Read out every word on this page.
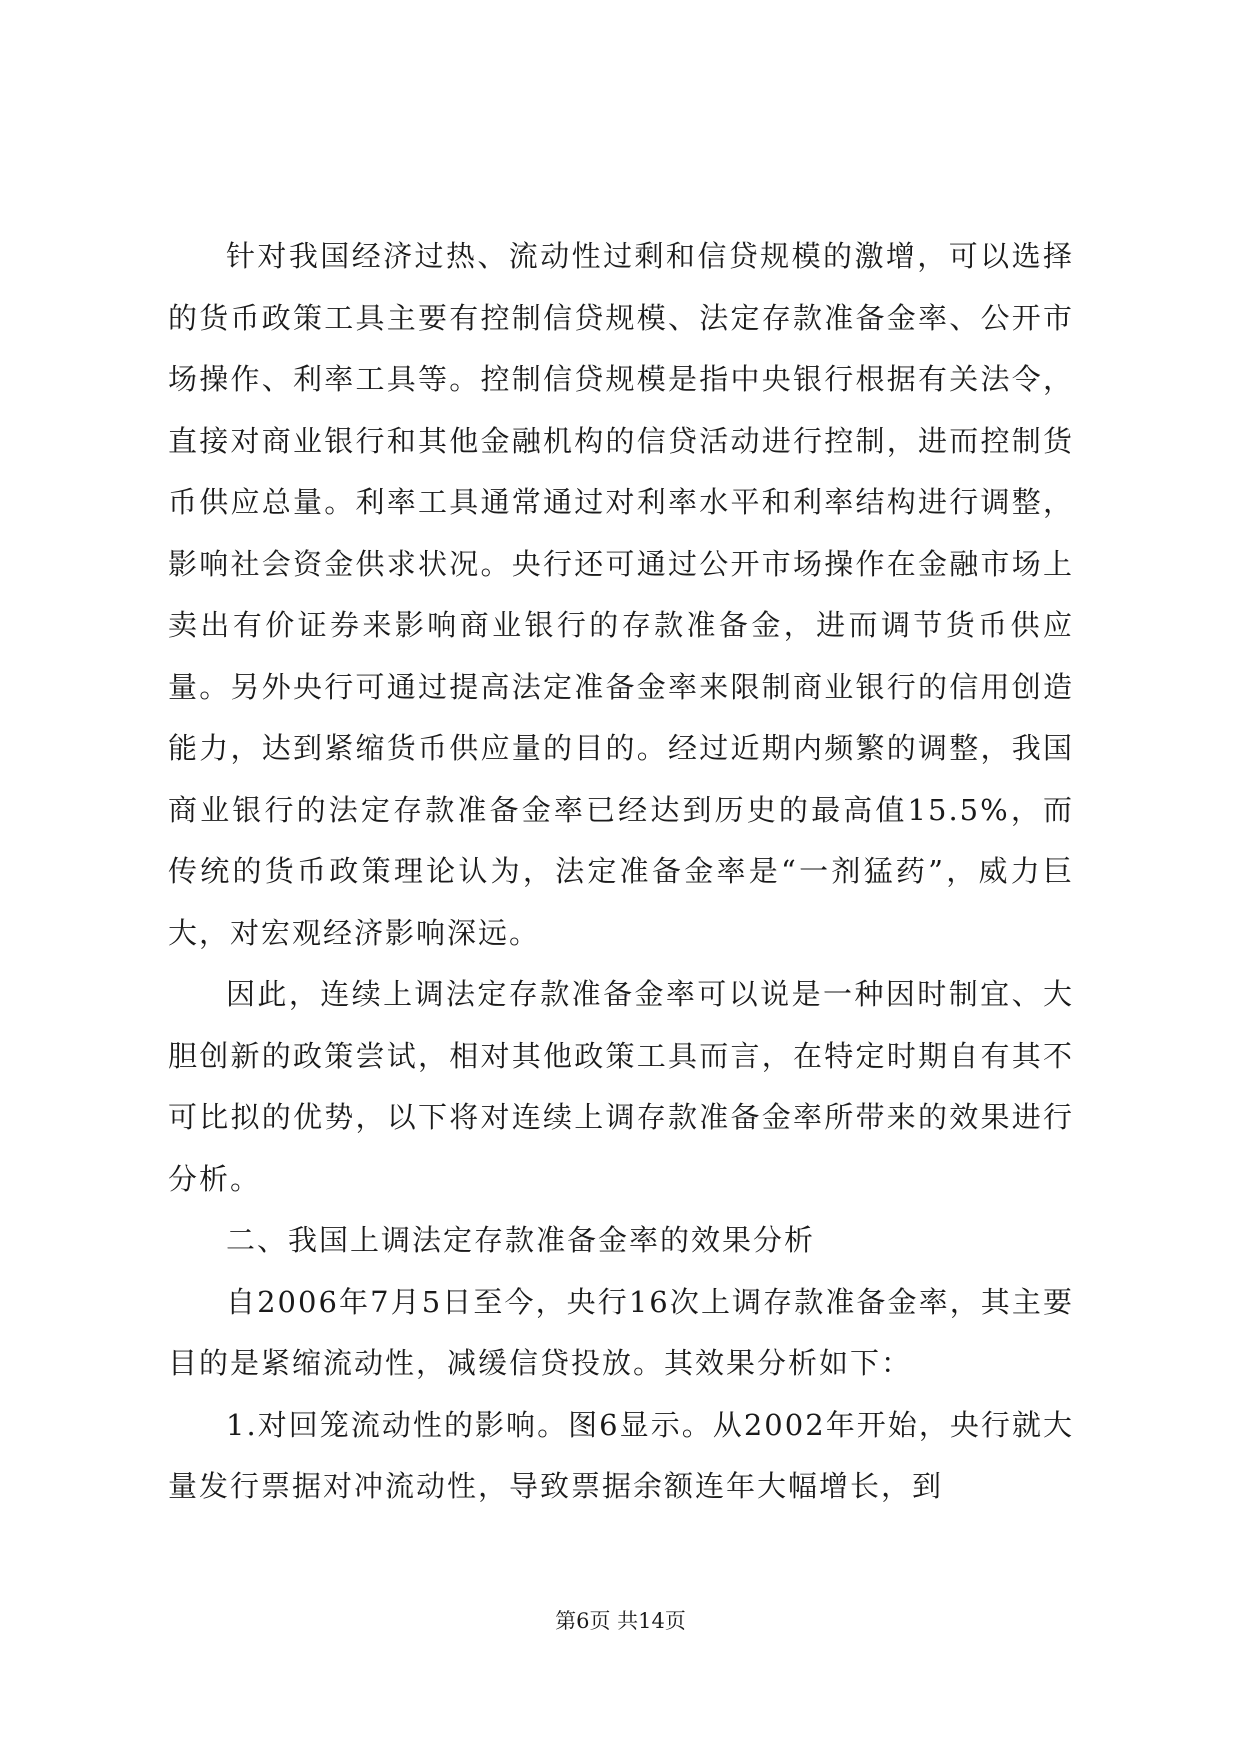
针对我国经济过热、流动性过剩和信贷规模的激增，可以选择的货币政策工具主要有控制信贷规模、法定存款准备金率、公开市场操作、利率工具等。控制信贷规模是指中央银行根据有关法令，直接对商业银行和其他金融机构的信贷活动进行控制，进而控制货币供应总量。利率工具通常通过对利率水平和利率结构进行调整，影响社会资金供求状况。央行还可通过公开市场操作在金融市场上卖出有价证券来影响商业银行的存款准备金，进而调节货币供应量。另外央行可通过提高法定准备金率来限制商业银行的信用创造能力，达到紧缩货币供应量的目的。经过近期内频繁的调整，我国商业银行的法定存款准备金率已经达到历史的最高值15.5%，而传统的货币政策理论认为，法定准备金率是“一剂猛药”，威力巨大，对宏观经济影响深远。

因此，连续上调法定存款准备金率可以说是一种因时制宜、大胆创新的政策尝试，相对其他政策工具而言，在特定时期自有其不可比拟的优势，以下将对连续上调存款准备金率所带来的效果进行分析。

二、我国上调法定存款准备金率的效果分析

自2006年7月5日至今，央行16次上调存款准备金率，其主要目的是紧缩流动性，减缓信贷投放。其效果分析如下：

1.对回笼流动性的影响。图6显示。从2002年开始，央行就大量发行票据对冲流动性，导致票据余额连年大幅增长，到

第6页 共14页
